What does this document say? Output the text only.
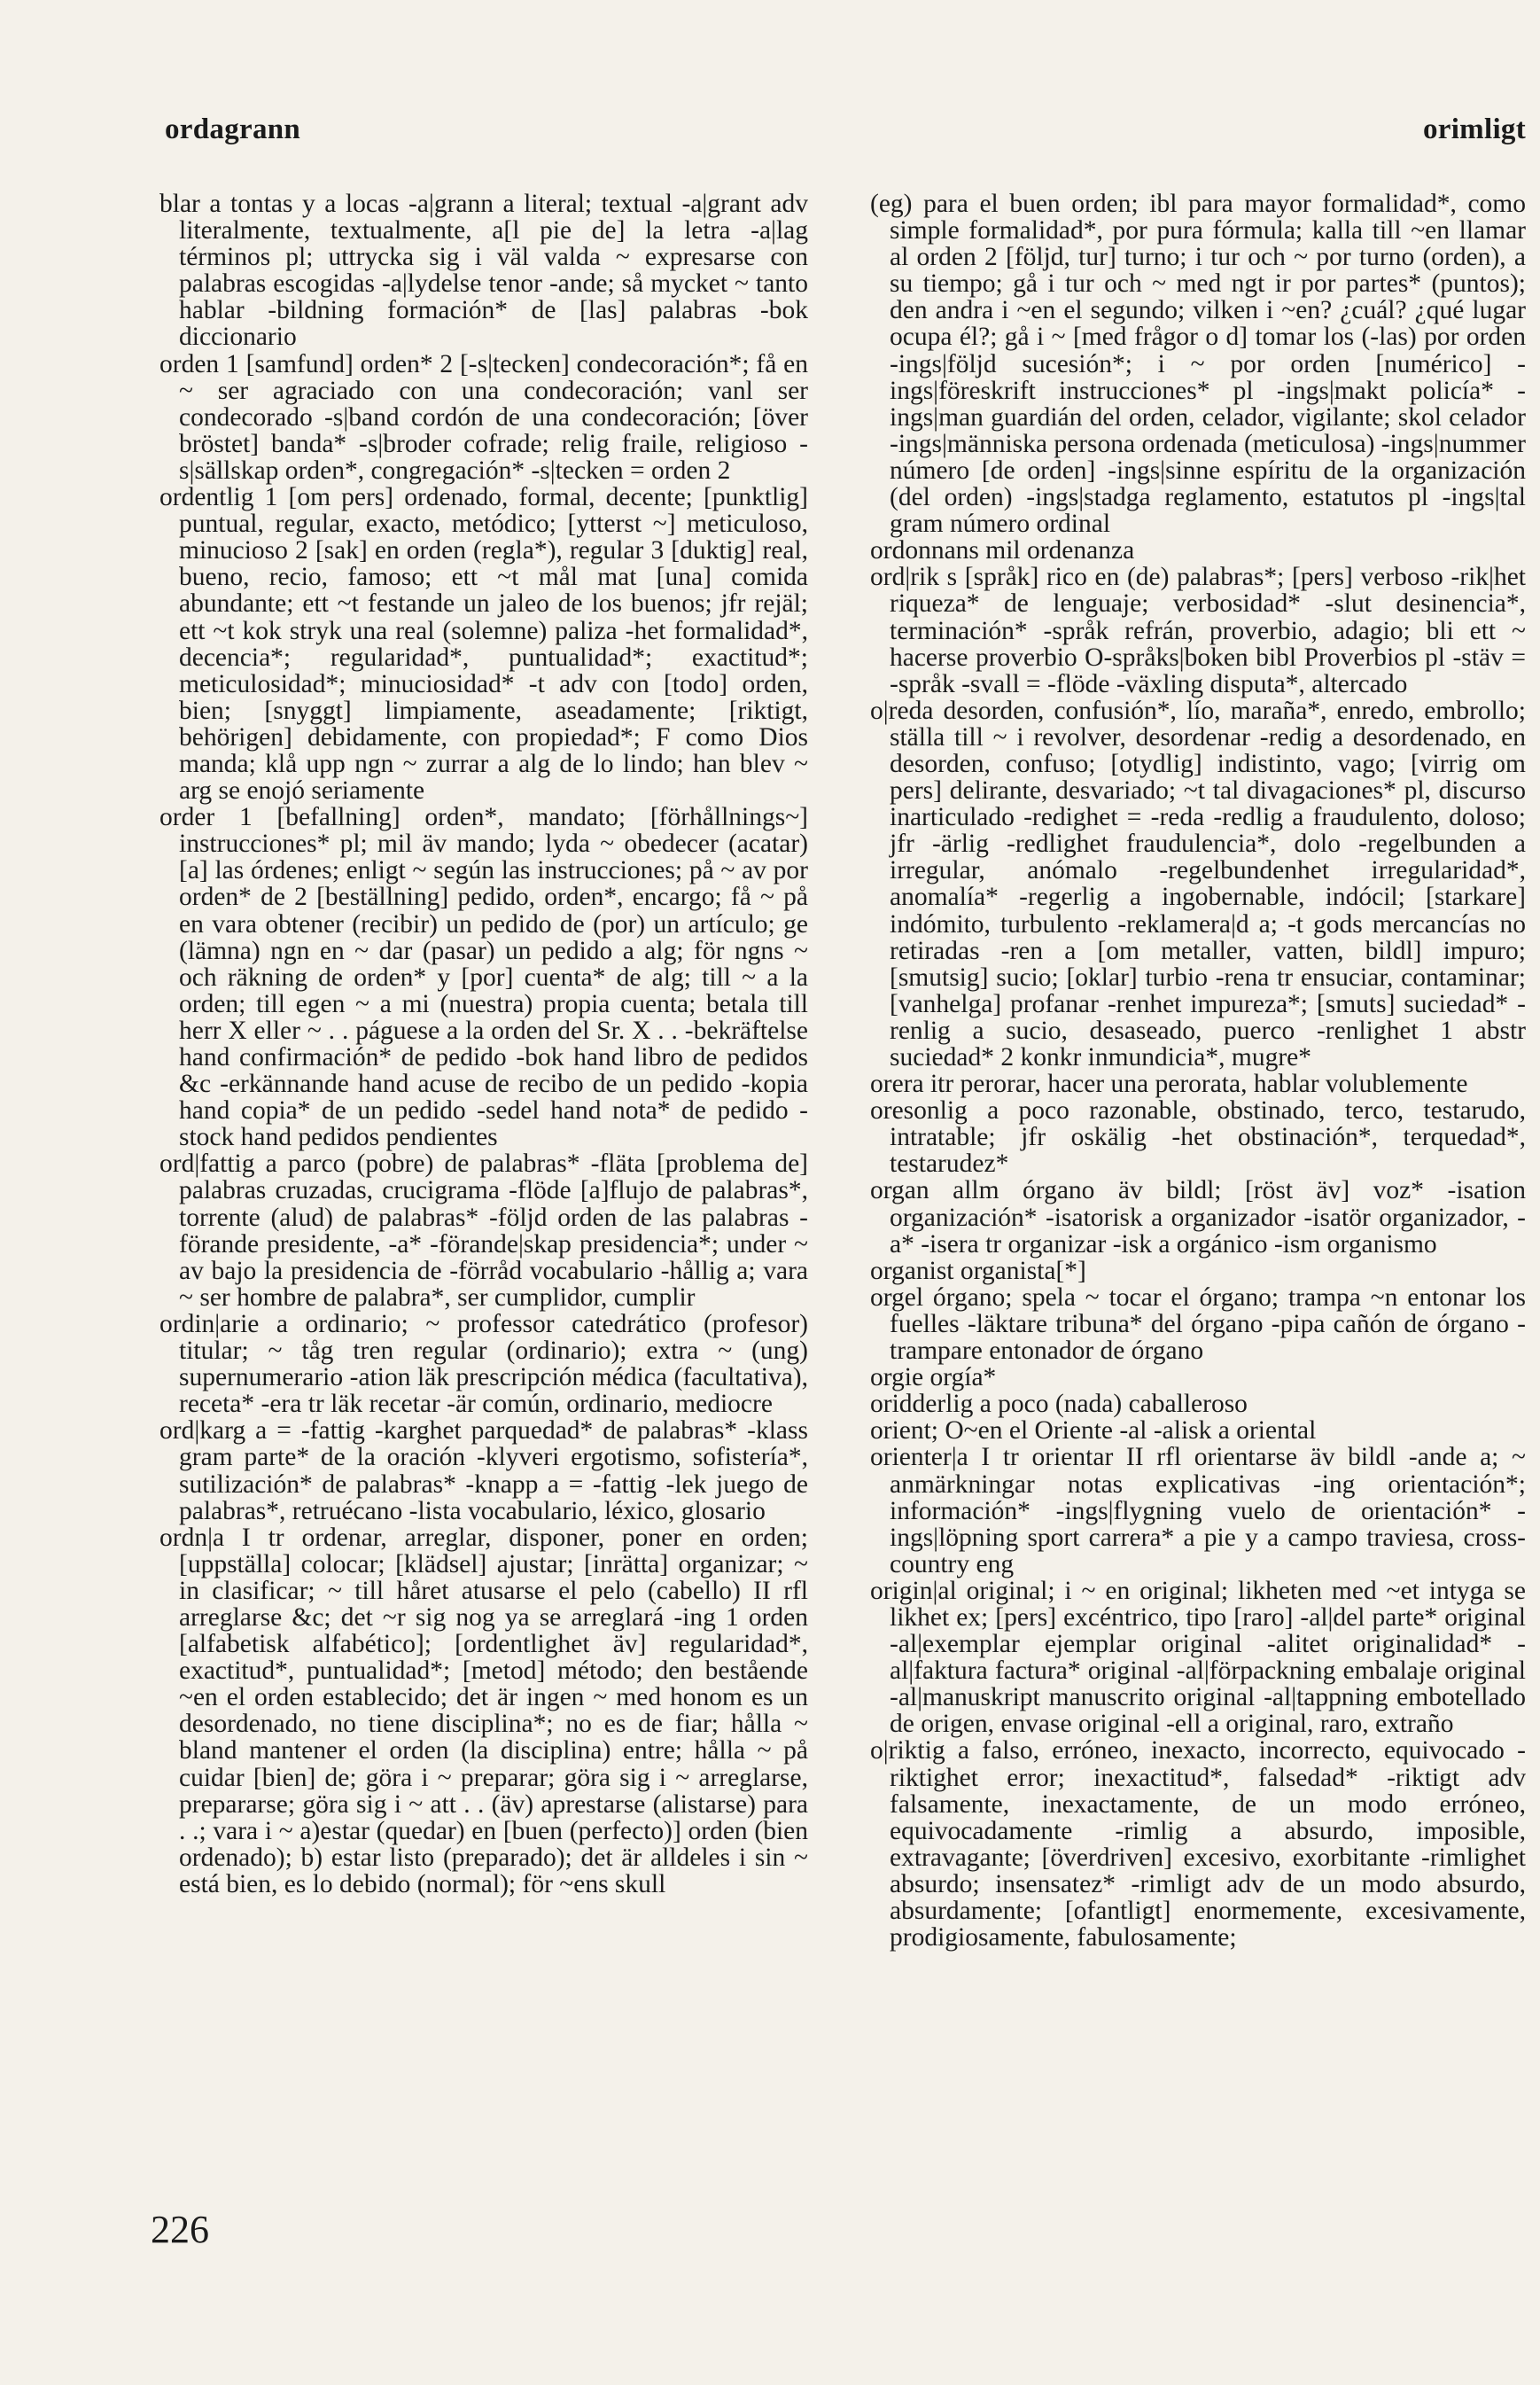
ordagrann	orimligt

blar a tontas y a locas -a|grann a literal; textual -a|grant adv literalmente, textualmente, a[l pie de] la letra -a|lag términos pl; uttrycka sig i väl valda ~ expresarse con palabras escogidas -a|lydelse tenor -ande; så mycket ~ tanto hablar -bildning formación* de [las] palabras -bok diccionario

orden 1 [samfund] orden* 2 [-s|tecken] condecoración*; få en ~ ser agraciado con una condecoración; vanl ser condecorado -s|band cordón de una condecoración; [över bröstet] banda* -s|broder cofrade; relig fraile, religioso -s|sällskap orden*, congregación* -s|tecken = orden 2

ordentlig 1 [om pers] ordenado, formal, decente; [punktlig] puntual, regular, exacto, metódico; [ytterst ~] meticuloso, minucioso 2 [sak] en orden (regla*), regular 3 [duktig] real, bueno, recio, famoso; ett ~t mål mat [una] comida abundante; ett ~t festande un jaleo de los buenos; jfr rejäl; ett ~t kok stryk una real (solemne) paliza -het formalidad*, decencia*; regularidad*, puntualidad*; exactitud*; meticulosidad*; minuciosidad* -t adv con [todo] orden, bien; [snyggt] limpiamente, aseadamente; [riktigt, behörigen] debidamente, con propiedad*; F como Dios manda; klå upp ngn ~ zurrar a alg de lo lindo; han blev ~ arg se enojó seriamente

order 1 [befallning] orden*, mandato; [förhållnings~] instrucciones* pl; mil äv mando; lyda ~ obedecer (acatar) [a] las órdenes; enligt ~ según las instrucciones; på ~ av por orden* de 2 [beställning] pedido, orden*, encargo; få ~ på en vara obtener (recibir) un pedido de (por) un artículo; ge (lämna) ngn en ~ dar (pasar) un pedido a alg; för ngns ~ och räkning de orden* y [por] cuenta* de alg; till ~ a la orden; till egen ~ a mi (nuestra) propia cuenta; betala till herr X eller ~ . . páguese a la orden del Sr. X . . -bekräftelse hand confirmación* de pedido -bok hand libro de pedidos &c -erkännande hand acuse de recibo de un pedido -kopia hand copia* de un pedido -sedel hand nota* de pedido -stock hand pedidos pendientes

ord|fattig a parco (pobre) de palabras* -fläta [problema de] palabras cruzadas, crucigrama -flöde [a]flujo de palabras*, torrente (alud) de palabras* -följd orden de las palabras -förande presidente, -a* -förande|skap presidencia*; under ~ av bajo la presidencia de -förråd vocabulario -hållig a; vara ~ ser hombre de palabra*, ser cumplidor, cumplir

ordin|arie a ordinario; ~ professor catedrático (profesor) titular; ~ tåg tren regular (ordinario); extra ~ (ung) supernumerario -ation läk prescripción médica (facultativa), receta* -era tr läk recetar -är común, ordinario, mediocre

ord|karg a = -fattig -karghet parquedad* de palabras* -klass gram parte* de la oración -klyveri ergotismo, sofistería*, sutilización* de palabras* -knapp a = -fattig -lek juego de palabras*, retruécano -lista vocabulario, léxico, glosario

ordn|a I tr ordenar, arreglar, disponer, poner en orden; [uppställa] colocar; [klädsel] ajustar; [inrätta] organizar; ~ in clasificar; ~ till håret atusarse el pelo (cabello) II rfl arreglarse &c; det ~r sig nog ya se arreglará -ing 1 orden [alfabetisk alfabético]; [ordentlighet äv] regularidad*, exactitud*, puntualidad*; [metod] método; den bestående ~en el orden establecido; det är ingen ~ med honom es un desordenado, no tiene disciplina*; no es de fiar; hålla ~ bland mantener el orden (la disciplina) entre; hålla ~ på cuidar [bien] de; göra i ~ preparar; göra sig i ~ arreglarse, prepararse; göra sig i ~ att . . (äv) aprestarse (alistarse) para . .; vara i ~ a)estar (quedar) en [buen (perfecto)] orden (bien ordenado); b) estar listo (preparado); det är alldeles i sin ~ está bien, es lo debido (normal); för ~ens skull

(eg) para el buen orden; ibl para mayor formalidad*, como simple formalidad*, por pura fórmula; kalla till ~en llamar al orden 2 [följd, tur] turno; i tur och ~ por turno (orden), a su tiempo; gå i tur och ~ med ngt ir por partes* (puntos); den andra i ~en el segundo; vilken i ~en? ¿cuál? ¿qué lugar ocupa él?; gå i ~ [med frågor o d] tomar los (-las) por orden -ings|följd sucesión*; i ~ por orden [numérico] -ings|föreskrift instrucciones* pl -ings|makt policía* -ings|man guardián del orden, celador, vigilante; skol celador -ings|människa persona ordenada (meticulosa) -ings|nummer número [de orden] -ings|sinne espíritu de la organización (del orden) -ings|stadga reglamento, estatutos pl -ings|tal gram número ordinal

ordonnans mil ordenanza

ord|rik s [språk] rico en (de) palabras*; [pers] verboso -rik|het riqueza* de lenguaje; verbosidad* -slut desinencia*, terminación* -språk refrán, proverbio, adagio; bli ett ~ hacerse proverbio O-språks|boken bibl Proverbios pl -stäv = -språk -svall = -flöde -växling disputa*, altercado

o|reda desorden, confusión*, lío, maraña*, enredo, embrollo; ställa till ~ i revolver, desordenar -redig a desordenado, en desorden, confuso; [otydlig] indistinto, vago; [virrig om pers] delirante, desvariado; ~t tal divagaciones* pl, discurso inarticulado -redighet = -reda -redlig a fraudulento, doloso; jfr -ärlig -redlighet fraudulencia*, dolo -regelbunden a irregular, anómalo -regelbundenhet irregularidad*, anomalía* -regerlig a ingobernable, indócil; [starkare] indómito, turbulento -reklamera|d a; -t gods mercancías no retiradas -ren a [om metaller, vatten, bildl] impuro; [smutsig] sucio; [oklar] turbio -rena tr ensuciar, contaminar; [vanhelga] profanar -renhet impureza*; [smuts] suciedad* -renlig a sucio, desaseado, puerco -renlighet 1 abstr suciedad* 2 konkr inmundicia*, mugre*

orera itr perorar, hacer una perorata, hablar volublemente

oresonlig a poco razonable, obstinado, terco, testarudo, intratable; jfr oskälig -het obstinación*, terquedad*, testarudez*

organ allm órgano äv bildl; [röst äv] voz* -isation organización* -isatorisk a organizador -isatör organizador, -a* -isera tr organizar -isk a orgánico -ism organismo

organist organista[*]

orgel órgano; spela ~ tocar el órgano; trampa ~n entonar los fuelles -läktare tribuna* del órgano -pipa cañón de órgano -trampare entonador de órgano

orgie orgía*

oridderlig a poco (nada) caballeroso

orient; O~en el Oriente -al -alisk a oriental

orienter|a I tr orientar II rfl orientarse äv bildl -ande a; ~ anmärkningar notas explicativas -ing orientación*; información* -ings|flygning vuelo de orientación* -ings|löpning sport carrera* a pie y a campo traviesa, cross-country eng

origin|al original; i ~ en original; likheten med ~et intyga se likhet ex; [pers] excéntrico, tipo [raro] -al|del parte* original -al|exemplar ejemplar original -alitet originalidad* -al|faktura factura* original -al|förpackning embalaje original -al|manuskript manuscrito original -al|tappning embotellado de origen, envase original -ell a original, raro, extraño

o|riktig a falso, erróneo, inexacto, incorrecto, equivocado -riktighet error; inexactitud*, falsedad* -riktigt adv falsamente, inexactamente, de un modo erróneo, equivocadamente -rimlig a absurdo, imposible, extravagante; [överdriven] excesivo, exorbitante -rimlighet absurdo; insensatez* -rimligt adv de un modo absurdo, absurdamente; [ofantligt] enormemente, excesivamente, prodigiosamente, fabulosamente;

226
